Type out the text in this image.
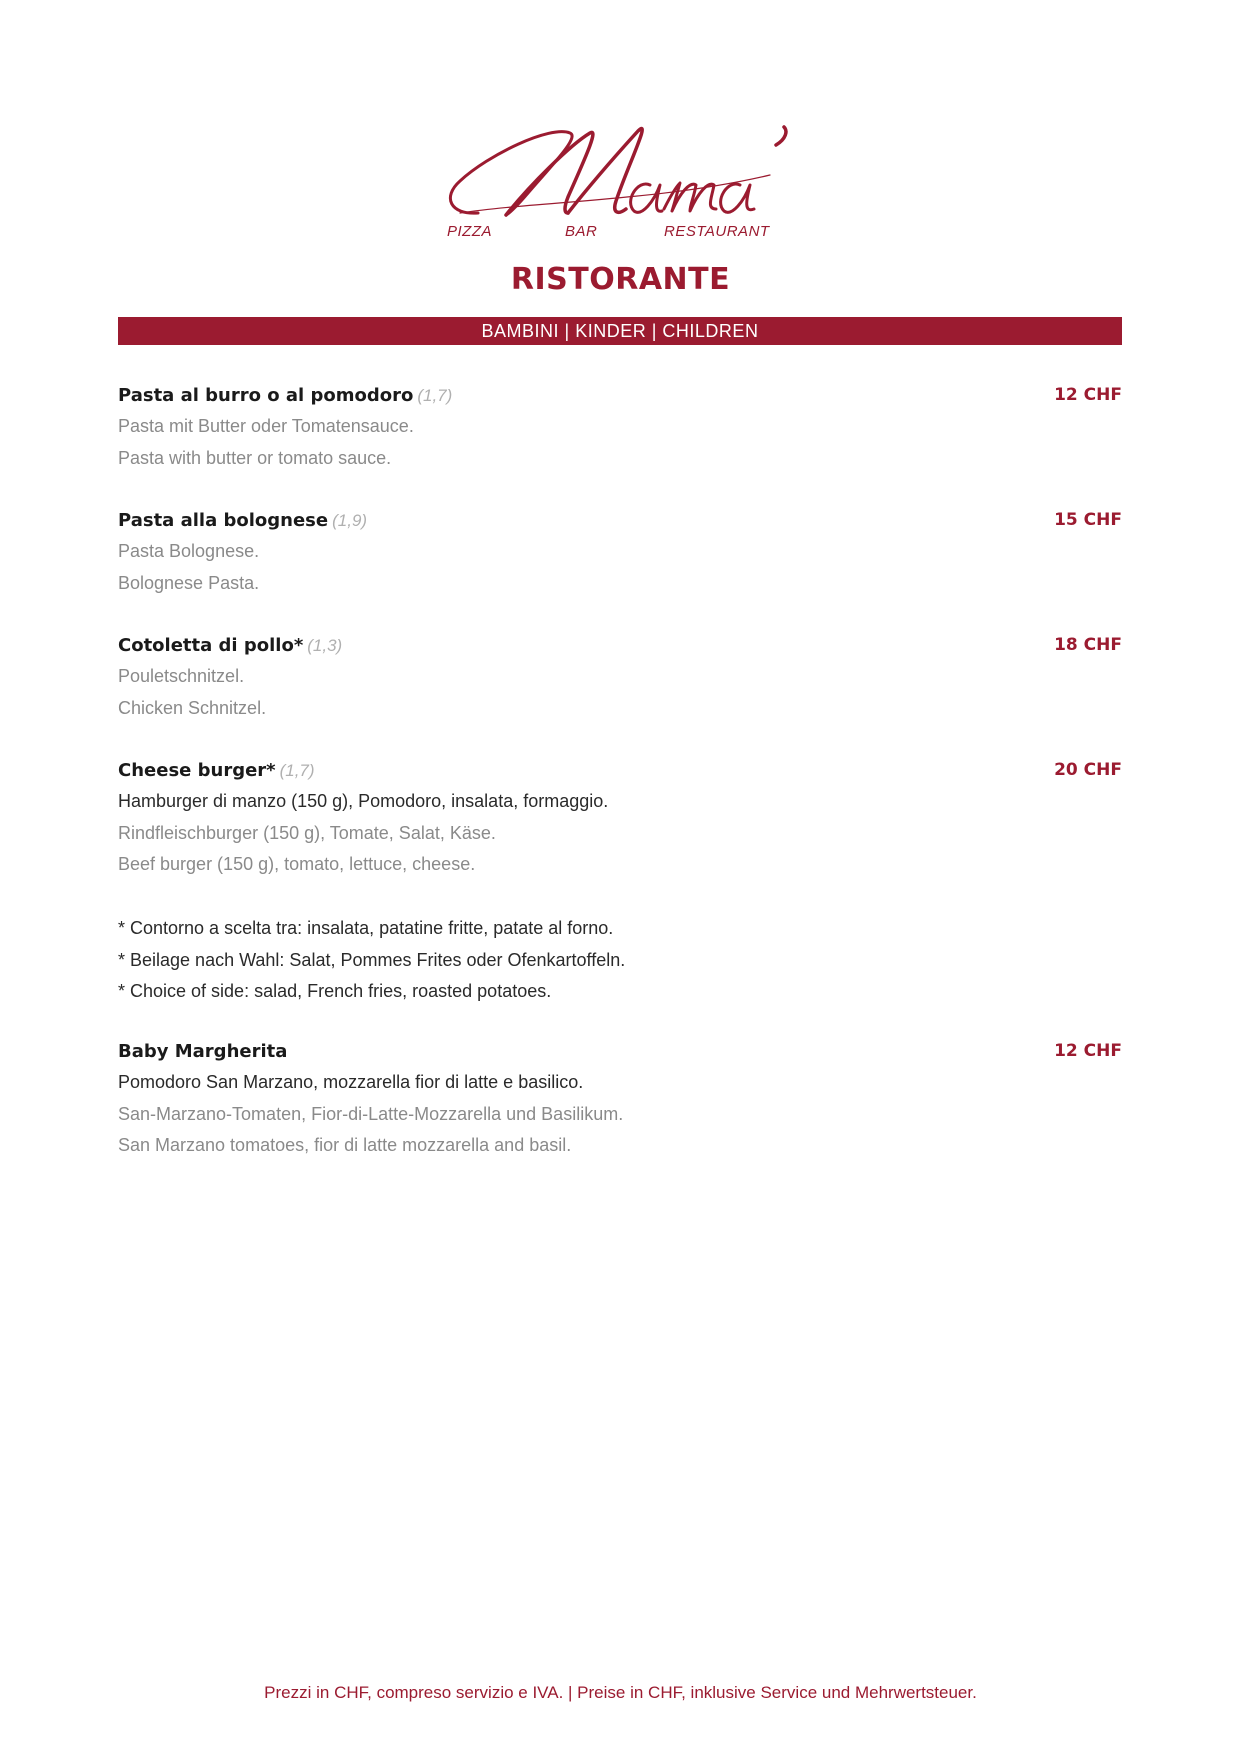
PIZZA	BAR	RESTAURANT
RISTORANTE
BAMBINI | KINDER | CHILDREN
Pasta al burro o al pomodoro (1,7)	12 CHF
Pasta mit Butter oder Tomatensauce.
Pasta with butter or tomato sauce.
Pasta alla bolognese (1,9)	15 CHF
Pasta Bolognese.
Bolognese Pasta.
Cotoletta di pollo* (1,3)	18 CHF
Pouletschnitzel.
Chicken Schnitzel.
Cheese burger* (1,7)	20 CHF
Hamburger di manzo (150 g), Pomodoro, insalata, formaggio.
Rindfleischburger (150 g), Tomate, Salat, Käse.
Beef burger (150 g), tomato, lettuce, cheese.
* Contorno a scelta tra: insalata, patatine fritte, patate al forno.
* Beilage nach Wahl: Salat, Pommes Frites oder Ofenkartoffeln.
* Choice of side: salad, French fries, roasted potatoes.
Baby Margherita	12 CHF
Pomodoro San Marzano, mozzarella fior di latte e basilico.
San-Marzano-Tomaten, Fior-di-Latte-Mozzarella und Basilikum.
San Marzano tomatoes, fior di latte mozzarella and basil.
Prezzi in CHF, compreso servizio e IVA. | Preise in CHF, inklusive Service und Mehrwertsteuer.
